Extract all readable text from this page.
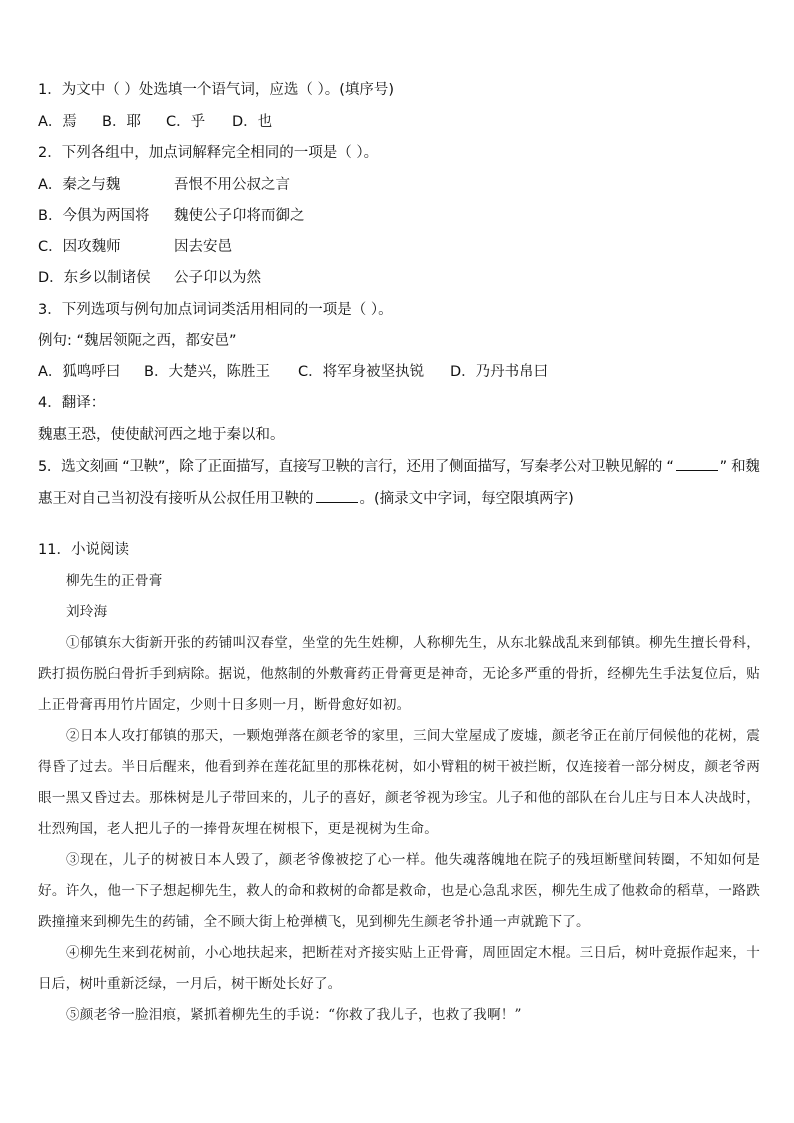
1．为文中（ ）处选填一个语气词，应选（ ）。(填序号)
A．焉 B．耶 C．乎 D．也
2．下列各组中，加点词解释完全相同的一项是（ ）。
A．秦之与魏	吾恨不用公叔之言
B．今俱为两国将 魏使公子卬将而御之
C．因攻魏师	因去安邑
D．东乡以制诸侯 公子卬以为然
3．下列选项与例句加点词词类活用相同的一项是（ ）。
例句: “魏居领阨之西，都安邑”
A．狐鸣呼曰 B．大楚兴，陈胜王 C．将军身被坚执锐 D．乃丹书帛曰
4．翻译：
魏惠王恐，使使献河西之地于秦以和。
5．选文刻画 “卫鞅”，除了正面描写，直接写卫鞅的言行，还用了侧面描写，写秦孝公对卫鞅见解的 “	” 和魏
惠王对自己当初没有接听从公叔任用卫鞅的	。(摘录文中字词，每空限填两字)
11．小说阅读

柳先生的正骨膏

刘玲海

①郁镇东大街新开张的药铺叫汉春堂，坐堂的先生姓柳，人称柳先生，从东北躲战乱来到郁镇。柳先生擅长骨科，跌打损伤脱臼骨折手到病除。据说，他熬制的外敷膏药正骨膏更是神奇，无论多严重的骨折，经柳先生手法复位后，贴上正骨膏再用竹片固定，少则十日多则一月，断骨愈好如初。

②日本人攻打郁镇的那天，一颗炮弹落在颜老爷的家里，三间大堂屋成了废墟，颜老爷正在前厅伺候他的花树，震得昏了过去。半日后醒来，他看到养在莲花缸里的那株花树，如小臂粗的树干被拦断，仅连接着一部分树皮，颜老爷两眼一黑又昏过去。那株树是儿子带回来的，儿子的喜好，颜老爷视为珍宝。儿子和他的部队在台儿庄与日本人决战时，壮烈殉国，老人把儿子的一捧骨灰埋在树根下，更是视树为生命。

③现在，儿子的树被日本人毁了，颜老爷像被挖了心一样。他失魂落魄地在院子的残垣断壁间转圈，不知如何是好。许久，他一下子想起柳先生，救人的命和救树的命都是救命，也是心急乱求医，柳先生成了他救命的稻草，一路跌跌撞撞来到柳先生的药铺，全不顾大街上枪弹横飞，见到柳先生颜老爷扑通一声就跪下了。

④柳先生来到花树前，小心地扶起来，把断茬对齐接实贴上正骨膏，周匝固定木棍。三日后，树叶竟振作起来，十日后，树叶重新泛绿，一月后，树干断处长好了。

⑤颜老爷一脸泪痕，紧抓着柳先生的手说：“你救了我儿子，也救了我啊！”
